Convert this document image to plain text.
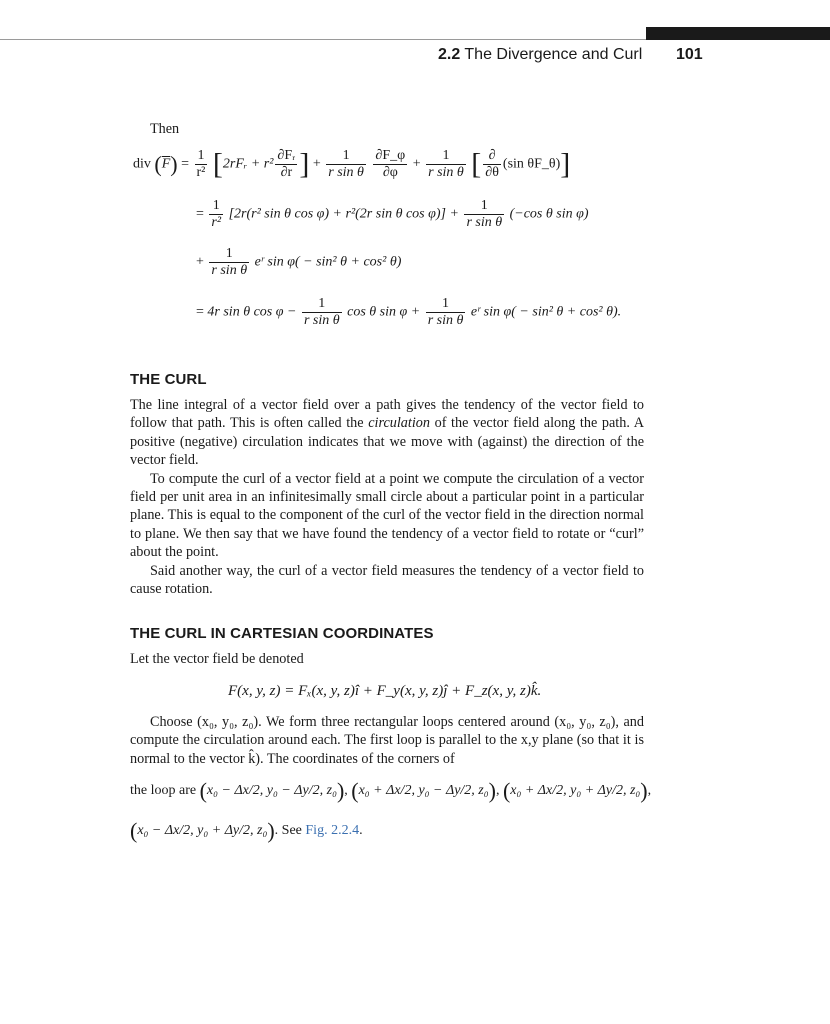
2.2 The Divergence and Curl 101
Then
div $(\overline{F}) = \frac{1}{\text{r²}}$ [2rFᵣ + $r^2 \frac{\text{∂Fᵣ}}{\partial r}$ ] + $\frac{1}{\text{r sin θ}}$
$\frac{\partial F\_\varphi}{\partial\varphi} + \frac{1}{\text{r sin θ}}$ [ $\frac{\partial}{\partial\theta} (\sin$ θF_θ)]
= $\frac{1}{\text{r²}} [2r(r^2$ sin θ cos φ) + r²(2r sin θ $\cos \varphi)] + \frac{1}{\text{r sin θ}} (-\cos$ θ sin φ)
+ $\frac{1}{\text{r sin θ}}$ eʳ sin φ( − sin² θ + cos² θ)
= 4r sin θ $\cos \varphi - \frac{1}{\text{r sin θ}}$ cos θ $\sin \varphi + \frac{1}{\text{r sin θ}}$ eʳ sin φ( − sin² θ + cos² θ).
THE CURL

The line integral of a vector field over a path gives the tendency of the vector field to follow that path. This is often called the circulation of the vector field along the path. A positive (negative) circulation indicates that we move with (against) the direction of the vector field.

To compute the curl of a vector field at a point we compute the circulation of a vector field per unit area in an infinitesimally small circle about a particular point in a particular plane. This is equal to the component of the curl of the vector field in the direction normal to plane. We then say that we have found the tendency of a vector field to rotate or “curl” about the point.

Said another way, the curl of a vector field measures the tendency of a vector field to cause rotation.

THE CURL IN CARTESIAN COORDINATES
Let the vector field be denoted
F(x, y, z) = Fₓ(x, y, z)î + F_y(x, y, z)ĵ + F_z(x, y, z)k̂.

Choose (x₀, y₀, z₀). We form three rectangular loops centered around (x₀, y₀, z₀), and compute the circulation around each. The first loop is parallel to the x,y plane (so that it is normal to the vector k̂). The coordinates of the corners of

the loop are (x₀ − Δx/2, y₀ − Δy/2, z₀), (x₀ + Δx/2, y₀ − Δy/2, z₀), (x₀ + Δx/2, y₀ + Δy/2, z₀),
(x₀ − Δx/2, y₀ + Δy/2, z₀). See Fig. 2.2.4.
